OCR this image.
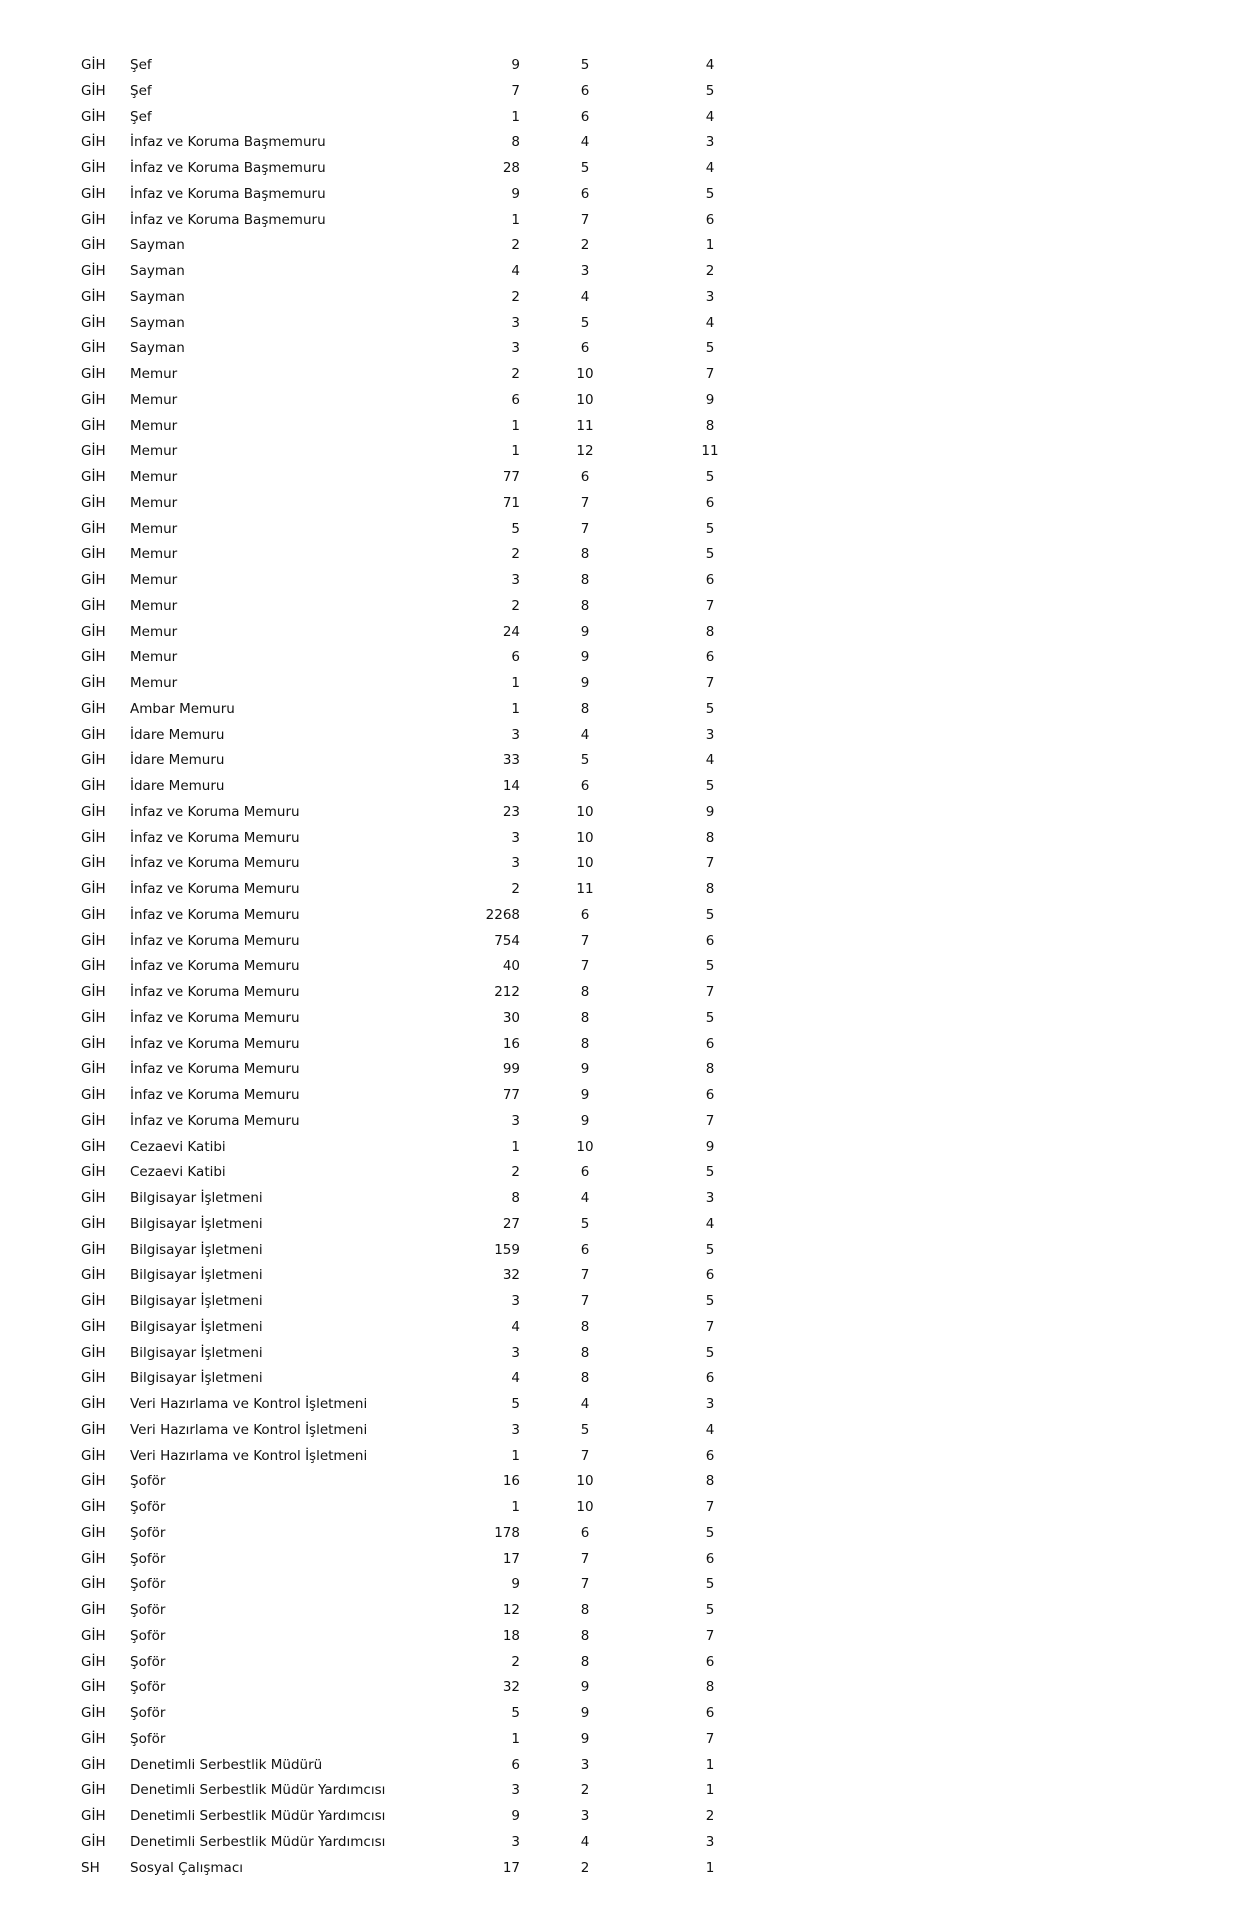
GİH	Şef	9	5	4
GİH	Şef	7	6	5
GİH	Şef	1	6	4
GİH	İnfaz ve Koruma Başmemuru	8	4	3
GİH	İnfaz ve Koruma Başmemuru	28	5	4
GİH	İnfaz ve Koruma Başmemuru	9	6	5
GİH	İnfaz ve Koruma Başmemuru	1	7	6
GİH	Sayman	2	2	1
GİH	Sayman	4	3	2
GİH	Sayman	2	4	3
GİH	Sayman	3	5	4
GİH	Sayman	3	6	5
GİH	Memur	2	10	7
GİH	Memur	6	10	9
GİH	Memur	1	11	8
GİH	Memur	1	12	11
GİH	Memur	77	6	5
GİH	Memur	71	7	6
GİH	Memur	5	7	5
GİH	Memur	2	8	5
GİH	Memur	3	8	6
GİH	Memur	2	8	7
GİH	Memur	24	9	8
GİH	Memur	6	9	6
GİH	Memur	1	9	7
GİH	Ambar Memuru	1	8	5
GİH	İdare Memuru	3	4	3
GİH	İdare Memuru	33	5	4
GİH	İdare Memuru	14	6	5
GİH	İnfaz ve Koruma Memuru	23	10	9
GİH	İnfaz ve Koruma Memuru	3	10	8
GİH	İnfaz ve Koruma Memuru	3	10	7
GİH	İnfaz ve Koruma Memuru	2	11	8
GİH	İnfaz ve Koruma Memuru	2268	6	5
GİH	İnfaz ve Koruma Memuru	754	7	6
GİH	İnfaz ve Koruma Memuru	40	7	5
GİH	İnfaz ve Koruma Memuru	212	8	7
GİH	İnfaz ve Koruma Memuru	30	8	5
GİH	İnfaz ve Koruma Memuru	16	8	6
GİH	İnfaz ve Koruma Memuru	99	9	8
GİH	İnfaz ve Koruma Memuru	77	9	6
GİH	İnfaz ve Koruma Memuru	3	9	7
GİH	Cezaevi Katibi	1	10	9
GİH	Cezaevi Katibi	2	6	5
GİH	Bilgisayar İşletmeni	8	4	3
GİH	Bilgisayar İşletmeni	27	5	4
GİH	Bilgisayar İşletmeni	159	6	5
GİH	Bilgisayar İşletmeni	32	7	6
GİH	Bilgisayar İşletmeni	3	7	5
GİH	Bilgisayar İşletmeni	4	8	7
GİH	Bilgisayar İşletmeni	3	8	5
GİH	Bilgisayar İşletmeni	4	8	6
GİH	Veri Hazırlama ve Kontrol İşletmeni	5	4	3
GİH	Veri Hazırlama ve Kontrol İşletmeni	3	5	4
GİH	Veri Hazırlama ve Kontrol İşletmeni	1	7	6
GİH	Şoför	16	10	8
GİH	Şoför	1	10	7
GİH	Şoför	178	6	5
GİH	Şoför	17	7	6
GİH	Şoför	9	7	5
GİH	Şoför	12	8	5
GİH	Şoför	18	8	7
GİH	Şoför	2	8	6
GİH	Şoför	32	9	8
GİH	Şoför	5	9	6
GİH	Şoför	1	9	7
GİH	Denetimli Serbestlik Müdürü	6	3	1
GİH	Denetimli Serbestlik Müdür Yardımcısı	3	2	1
GİH	Denetimli Serbestlik Müdür Yardımcısı	9	3	2
GİH	Denetimli Serbestlik Müdür Yardımcısı	3	4	3
SH	Sosyal Çalışmacı	17	2	1
